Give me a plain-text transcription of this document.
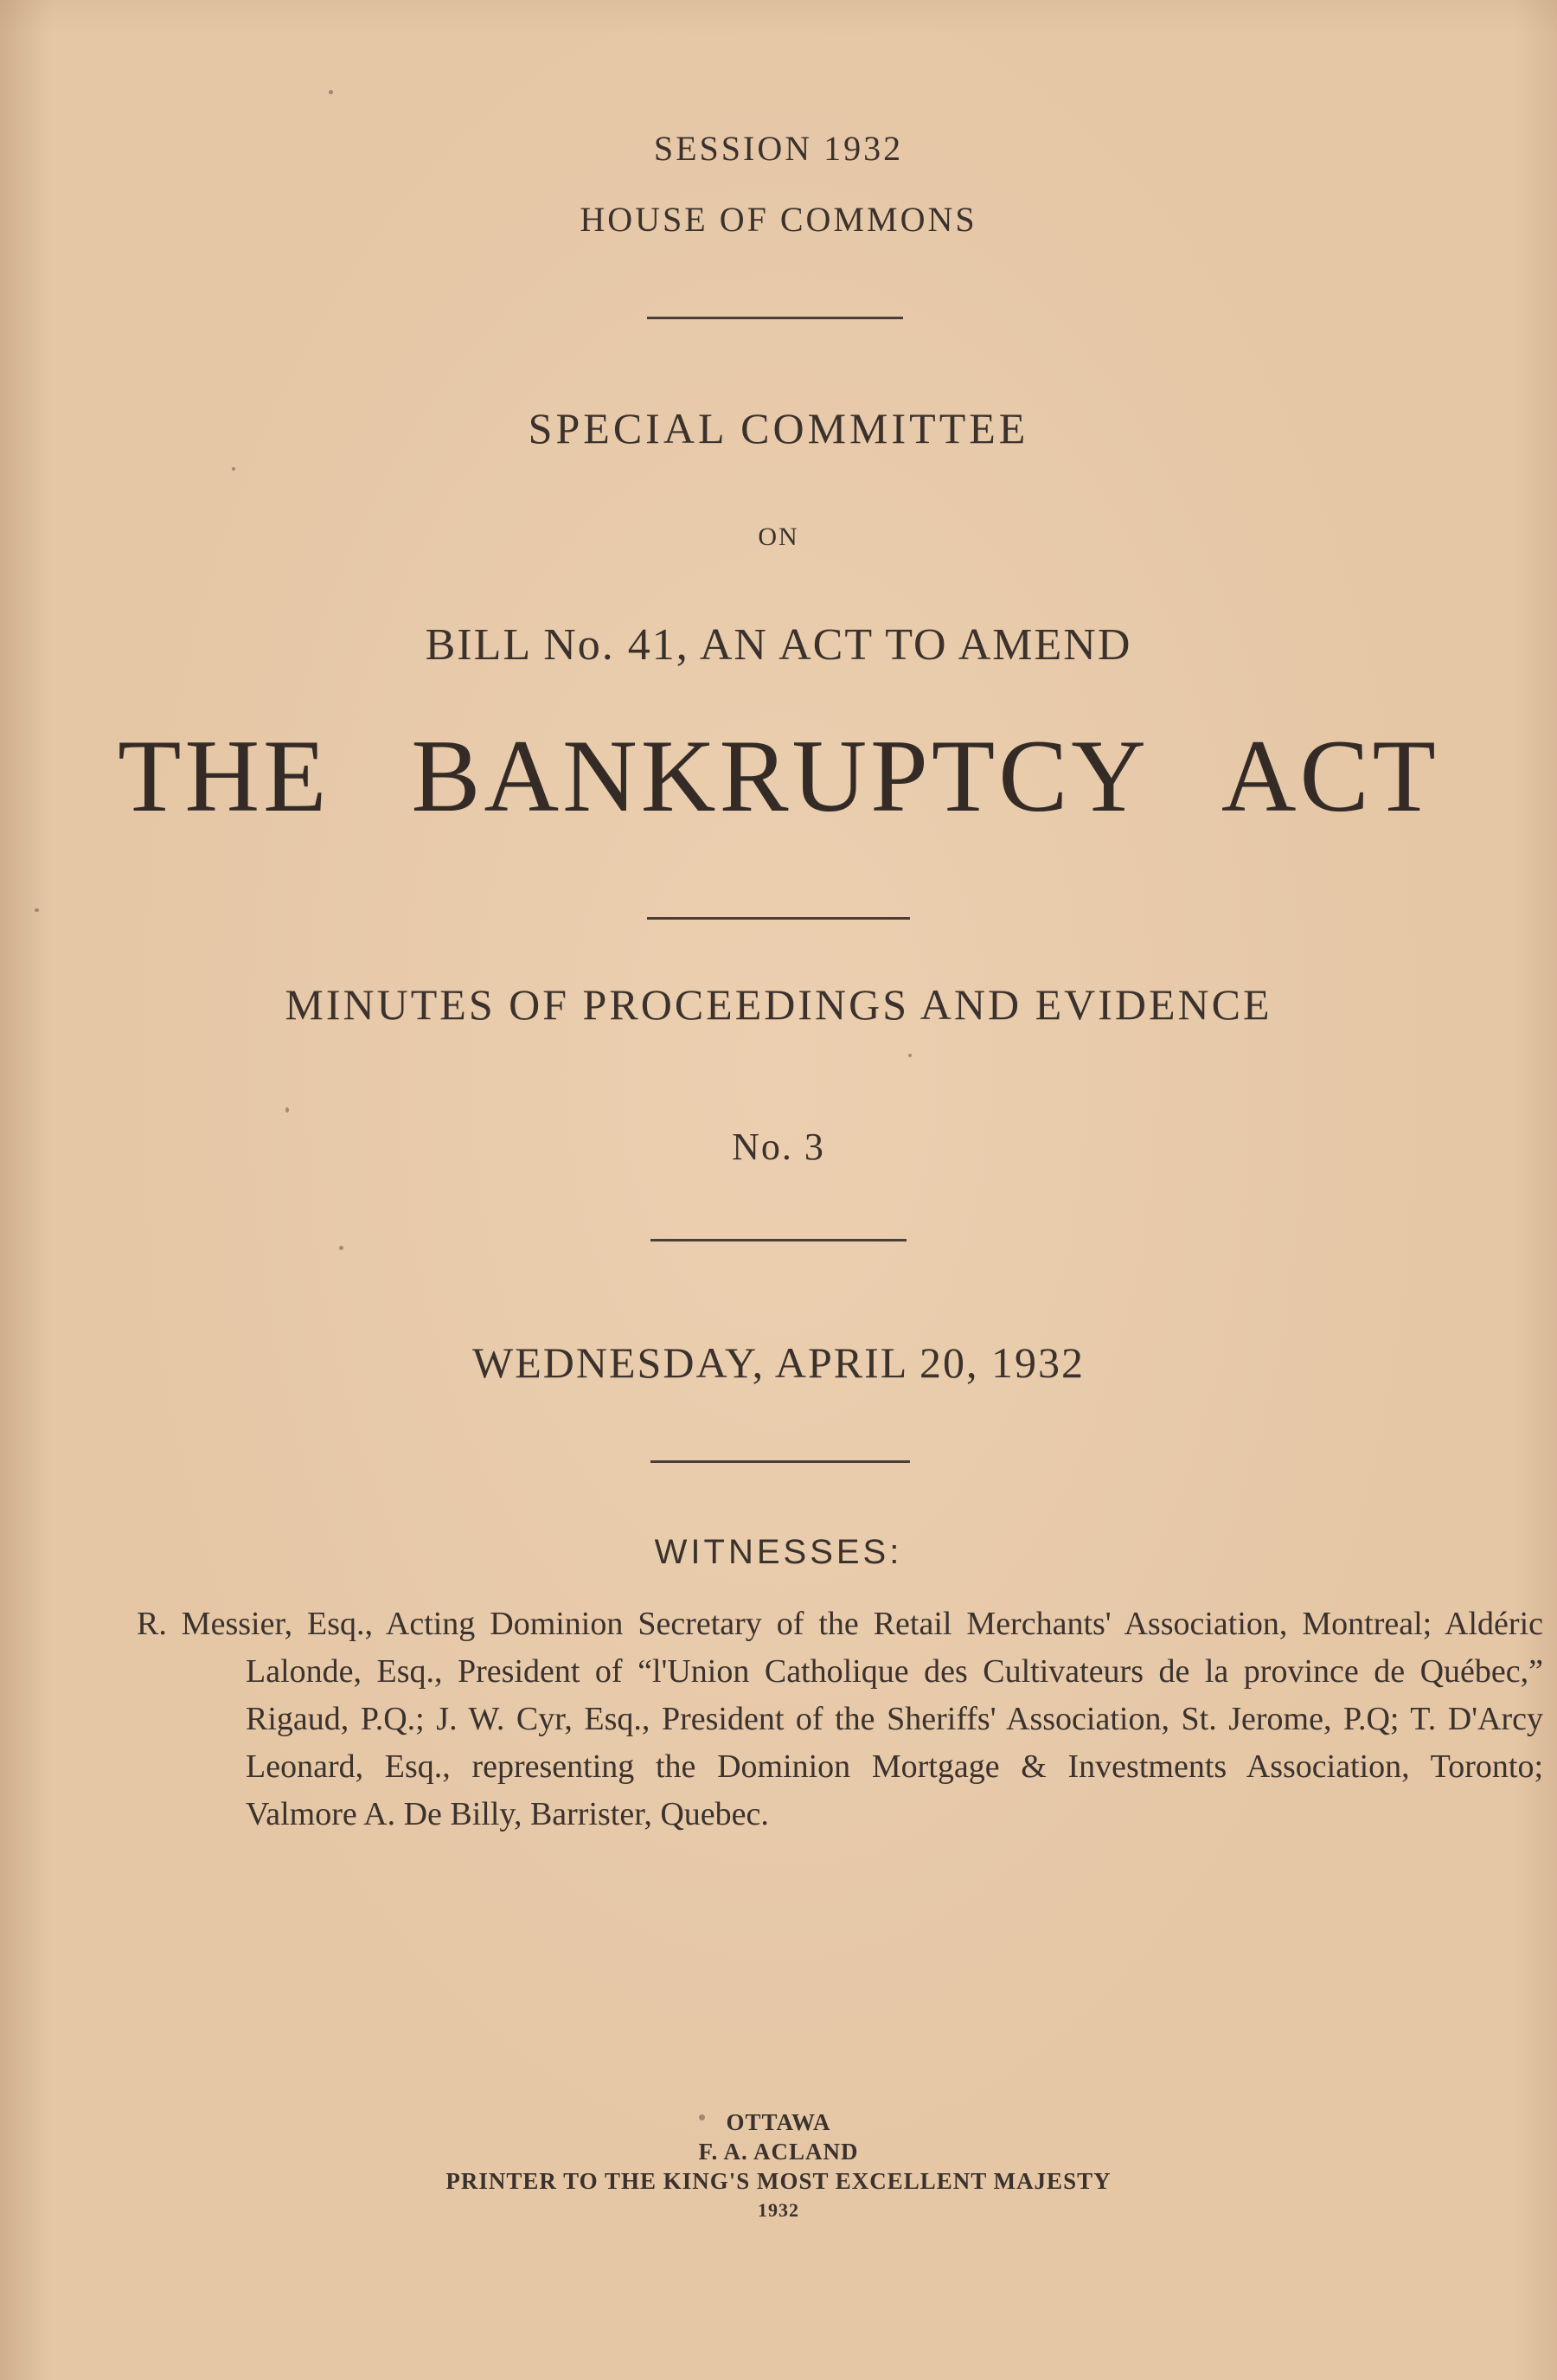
SESSION 1932
HOUSE OF COMMONS
SPECIAL COMMITTEE
ON
BILL No. 41, AN ACT TO AMEND
THE BANKRUPTCY ACT
MINUTES OF PROCEEDINGS AND EVIDENCE
No. 3
WEDNESDAY, APRIL 20, 1932
WITNESSES:
R. Messier, Esq., Acting Dominion Secretary of the Retail Merchants' Association, Montreal; Aldéric Lalonde, Esq., President of “l'Union Catholique des Cultivateurs de la province de Québec,” Rigaud, P.Q.; J. W. Cyr, Esq., President of the Sheriffs' Association, St. Jerome, P.Q; T. D'Arcy Leonard, Esq., representing the Dominion Mortgage & Investments Association, Toronto; Valmore A. De Billy, Barrister, Quebec.
OTTAWA
F. A. ACLAND
PRINTER TO THE KING'S MOST EXCELLENT MAJESTY
1932
